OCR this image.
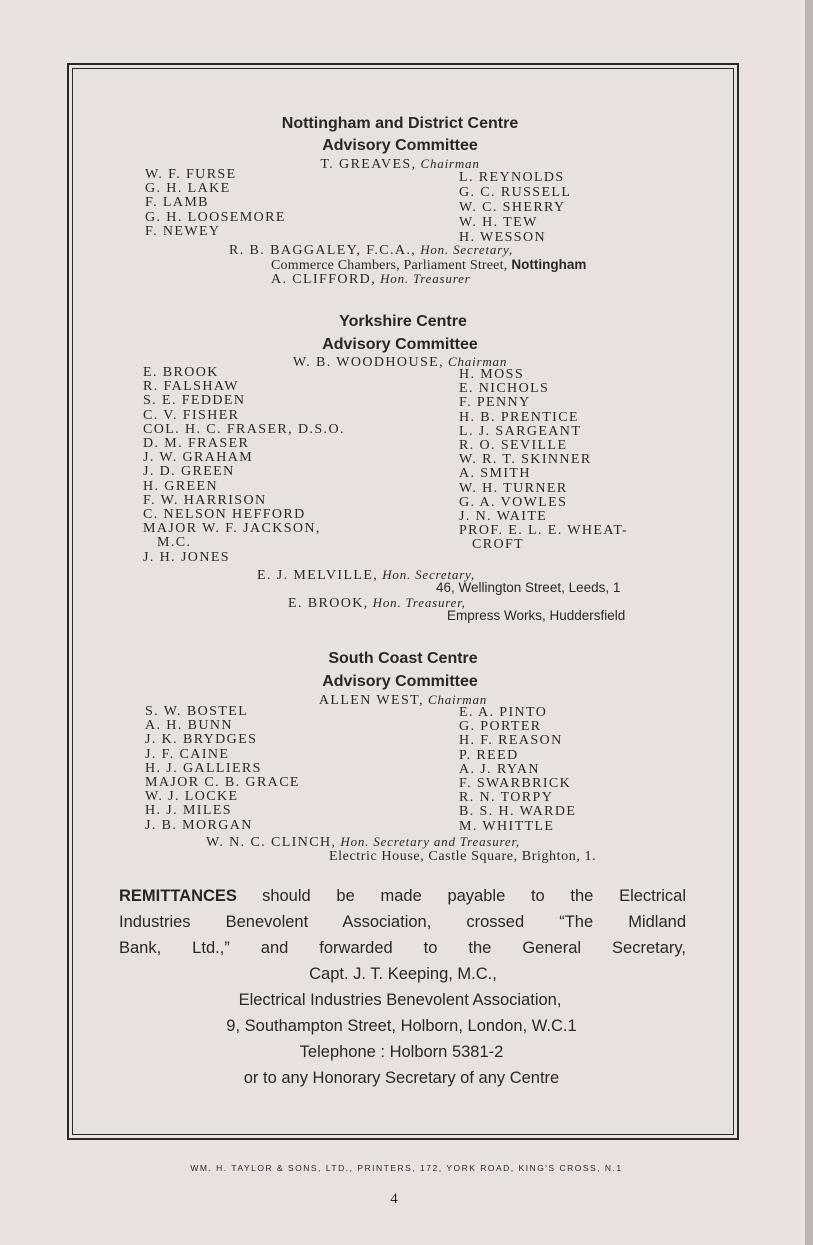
Nottingham and District Centre
Advisory Committee
T. GREAVES, Chairman
W. F. FURSE
G. H. LAKE
F. LAMB
G. H. LOOSEMORE
F. NEWEY
L. REYNOLDS
G. C. RUSSELL
W. C. SHERRY
W. H. TEW
H. WESSON
R. B. BAGGALEY, F.C.A., Hon. Secretary,
Commerce Chambers, Parliament Street, Nottingham
A. CLIFFORD, Hon. Treasurer
Yorkshire Centre
Advisory Committee
W. B. WOODHOUSE, Chairman
E. BROOK
R. FALSHAW
S. E. FEDDEN
C. V. FISHER
COL. H. C. FRASER, D.S.O.
D. M. FRASER
J. W. GRAHAM
J. D. GREEN
H. GREEN
F. W. HARRISON
C. NELSON HEFFORD
MAJOR W. F. JACKSON,
M.C.
J. H. JONES
H. MOSS
E. NICHOLS
F. PENNY
H. B. PRENTICE
L. J. SARGEANT
R. O. SEVILLE
W. R. T. SKINNER
A. SMITH
W. H. TURNER
G. A. VOWLES
J. N. WAITE
PROF. E. L. E. WHEAT-
CROFT
E. J. MELVILLE, Hon. Secretary,
46, Wellington Street, Leeds, 1
E. BROOK, Hon. Treasurer,
Empress Works, Huddersfield
South Coast Centre
Advisory Committee
ALLEN WEST, Chairman
S. W. BOSTEL
A. H. BUNN
J. K. BRYDGES
J. F. CAINE
H. J. GALLIERS
MAJOR C. B. GRACE
W. J. LOCKE
H. J. MILES
J. B. MORGAN
E. A. PINTO
G. PORTER
H. F. REASON
P. REED
A. J. RYAN
F. SWARBRICK
R. N. TORPY
B. S. H. WARDE
M. WHITTLE
W. N. C. CLINCH, Hon. Secretary and Treasurer,
Electric House, Castle Square, Brighton, 1.
REMITTANCES should be made payable to the Electrical
Industries Benevolent Association, crossed “The Midland
Bank, Ltd.,” and forwarded to the General Secretary,
Capt. J. T. Keeping, M.C.,
Electrical Industries Benevolent Association,
9, Southampton Street, Holborn, London, W.C.1
Telephone : Holborn 5381-2
or to any Honorary Secretary of any Centre
WM. H. TAYLOR & SONS, LTD., PRINTERS, 172, YORK ROAD, KING'S CROSS, N.1
4
